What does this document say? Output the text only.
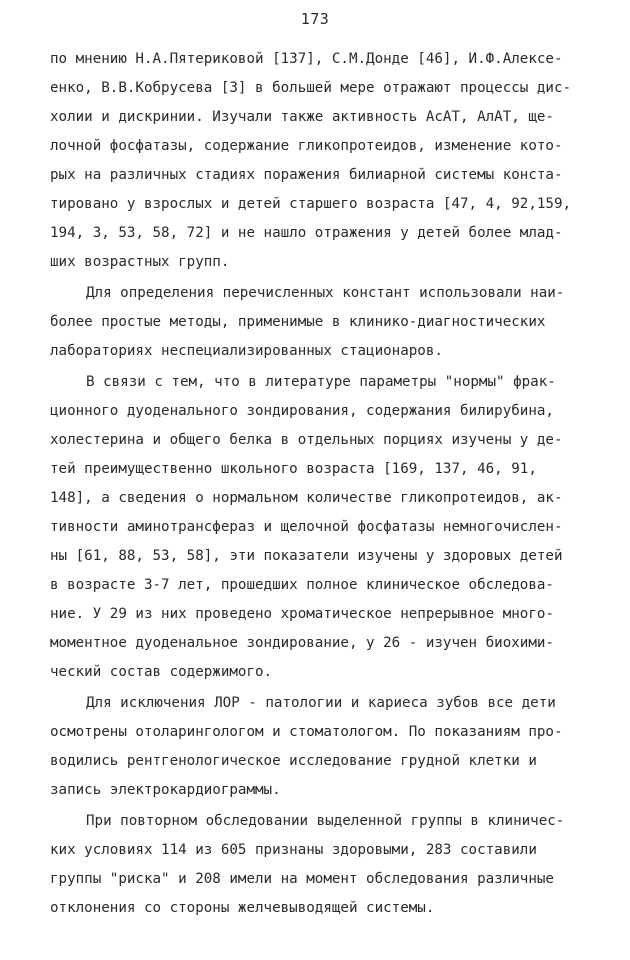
173
по мнению Н.А.Пятериковой [137], С.М.Донде [46], И.Ф.Алексе-
енко, В.В.Кобрусева [3] в большей мере отражают процессы дис-
холии и дискринии. Изучали также активность АсАТ, АлАТ, ще-
лочной фосфатазы, содержание гликопротеидов, изменение кото-
рых на различных стадиях поражения билиарной системы конста-
тировано у взрослых и детей старшего возраста [47, 4, 92,159,
194, 3, 53, 58, 72] и не нашло отражения у детей более млад-
ших возрастных групп.
Для определения перечисленных констант использовали наи-
более простые методы, применимые в клинико-диагностических
лабораториях неспециализированных стационаров.
В связи с тем, что в литературе параметры "нормы" фрак-
ционного дуоденального зондирования, содержания билирубина,
холестерина и общего белка в отдельных порциях изучены у де-
тей преимущественно школьного возраста [169, 137, 46, 91,
148], а сведения о нормальном количестве гликопротеидов, ак-
тивности аминотрансфераз и щелочной фосфатазы немногочислен-
ны [61, 88, 53, 58], эти показатели изучены у здоровых детей
в возрасте 3-7 лет, прошедших полное клиническое обследова-
ние. У 29 из них проведено хроматическое непрерывное много-
моментное дуоденальное зондирование, у 26 - изучен биохими-
ческий состав содержимого.
Для исключения ЛОР - патологии и кариеса зубов все дети
осмотрены отоларингологом и стоматологом. По показаниям про-
водились рентгенологическое исследование грудной клетки и
запись электрокардиограммы.
При повторном обследовании выделенной группы в клиничес-
ких условиях 114 из 605 признаны здоровыми, 283 составили
группы "риска" и 208 имели на момент обследования различные
отклонения со стороны желчевыводящей системы.
